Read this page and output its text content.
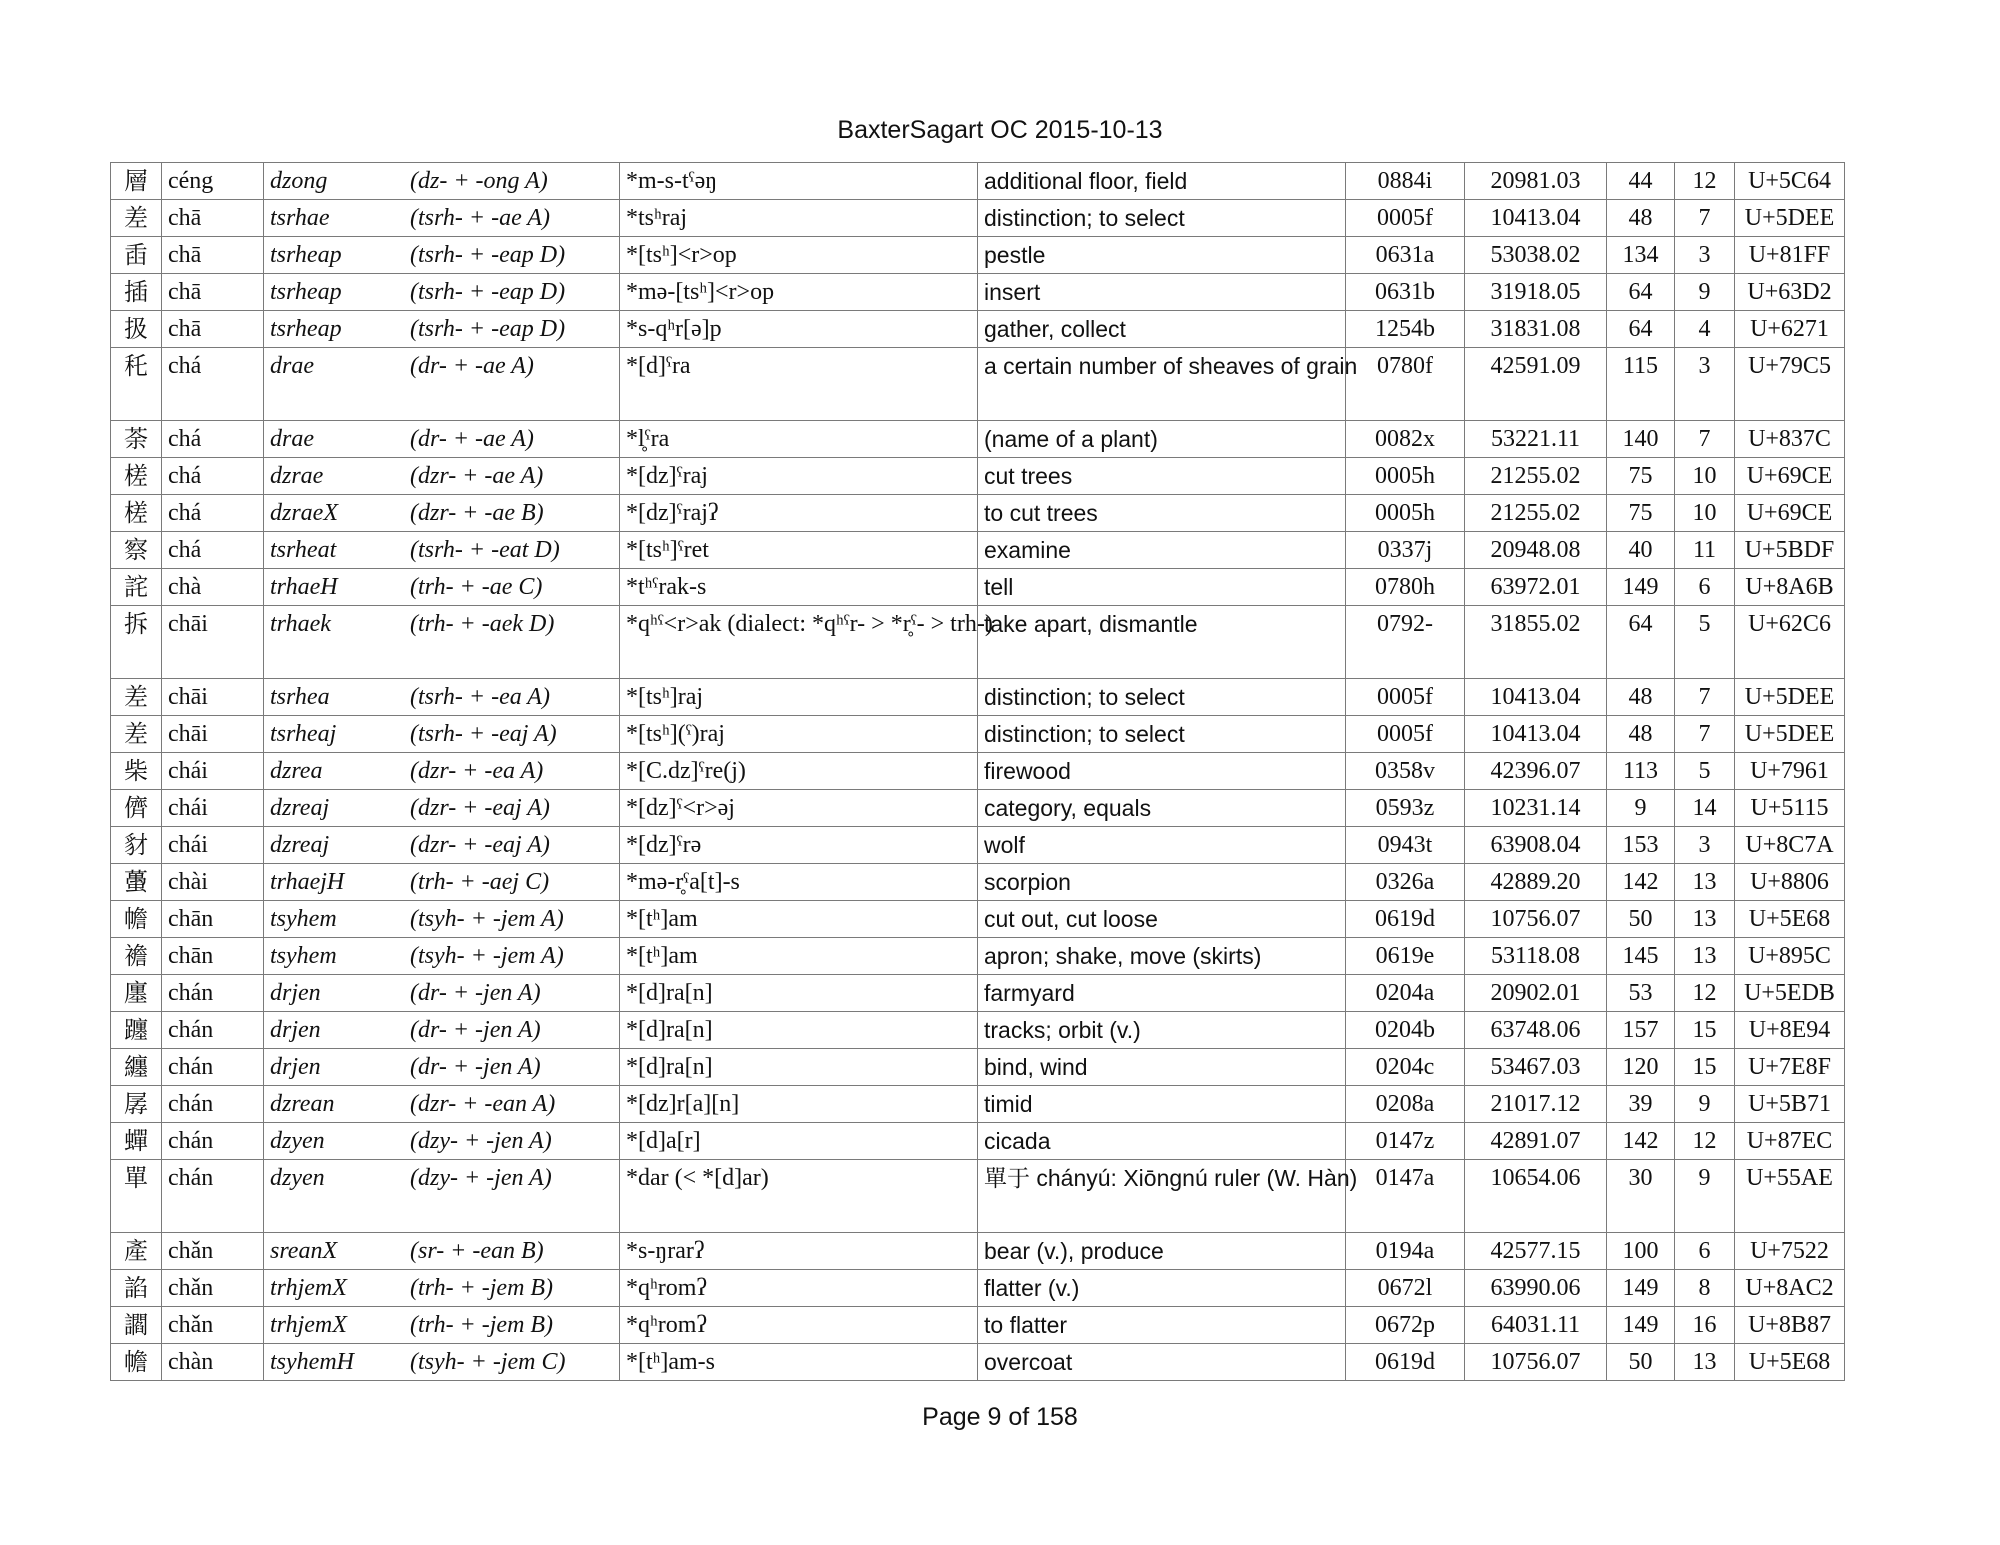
BaxterSagart OC 2015-10-13
層	céng	dzong (dz- + -ong A)	*m-s-tˤəŋ	additional floor, field	0884i	20981.03	44	12	U+5C64
差	chā	tsrhae (tsrh- + -ae A)	*tsʰraj	distinction; to select	0005f	10413.04	48	7	U+5DEE
臿	chā	tsrheap (tsrh- + -eap D)	*[tsʰ]<r>op	pestle	0631a	53038.02	134	3	U+81FF
插	chā	tsrheap (tsrh- + -eap D)	*mə-[tsʰ]<r>op	insert	0631b	31918.05	64	9	U+63D2
扱	chā	tsrheap (tsrh- + -eap D)	*s-qʰr[ə]p	gather, collect	1254b	31831.08	64	4	U+6271
秅	chá	drae (dr- + -ae A)	*[d]ˤra	a certain number of sheaves of grain	0780f	42591.09	115	3	U+79C5
荼	chá	drae (dr- + -ae A)	*l̥ˤra	(name of a plant)	0082x	53221.11	140	7	U+837C
槎	chá	dzrae (dzr- + -ae A)	*[dz]ˤraj	cut trees	0005h	21255.02	75	10	U+69CE
槎	chá	dzraeX (dzr- + -ae B)	*[dz]ˤrajʔ	to cut trees	0005h	21255.02	75	10	U+69CE
察	chá	tsrheat (tsrh- + -eat D)	*[tsʰ]ˤret	examine	0337j	20948.08	40	11	U+5BDF
詫	chà	trhaeH (trh- + -ae C)	*tʰˤrak-s	tell	0780h	63972.01	149	6	U+8A6B
拆	chāi	trhaek (trh- + -aek D)	*qʰˤ<r>ak (dialect: *qʰˤr- > *r̥ˤ- > trh-)	take apart, dismantle	0792-	31855.02	64	5	U+62C6
差	chāi	tsrhea (tsrh- + -ea A)	*[tsʰ]raj	distinction; to select	0005f	10413.04	48	7	U+5DEE
差	chāi	tsrheaj (tsrh- + -eaj A)	*[tsʰ](ˤ)raj	distinction; to select	0005f	10413.04	48	7	U+5DEE
柴	chái	dzrea (dzr- + -ea A)	*[C.dz]ˤre(j)	firewood	0358v	42396.07	113	5	U+7961
儕	chái	dzreaj (dzr- + -eaj A)	*[dz]ˤ<r>əj	category, equals	0593z	10231.14	9	14	U+5115
豺	chái	dzreaj (dzr- + -eaj A)	*[dz]ˤrə	wolf	0943t	63908.04	153	3	U+8C7A
蠆	chài	trhaejH (trh- + -aej C)	*mə-r̥ˤa[t]-s	scorpion	0326a	42889.20	142	13	U+8806
幨	chān	tsyhem (tsyh- + -jem A)	*[tʰ]am	cut out, cut loose	0619d	10756.07	50	13	U+5E68
襜	chān	tsyhem (tsyh- + -jem A)	*[tʰ]am	apron; shake, move (skirts)	0619e	53118.08	145	13	U+895C
廛	chán	drjen (dr- + -jen A)	*[d]ra[n]	farmyard	0204a	20902.01	53	12	U+5EDB
躔	chán	drjen (dr- + -jen A)	*[d]ra[n]	tracks; orbit (v.)	0204b	63748.06	157	15	U+8E94
纏	chán	drjen (dr- + -jen A)	*[d]ra[n]	bind, wind	0204c	53467.03	120	15	U+7E8F
孱	chán	dzrean (dzr- + -ean A)	*[dz]r[a][n]	timid	0208a	21017.12	39	9	U+5B71
蟬	chán	dzyen (dzy- + -jen A)	*[d]a[r]	cicada	0147z	42891.07	142	12	U+87EC
單	chán	dzyen (dzy- + -jen A)	*dar (< *[d]ar)	單于 chányú: Xiōngnú ruler (W. Hàn)	0147a	10654.06	30	9	U+55AE
產	chǎn	sreanX (sr- + -ean B)	*s-ŋrarʔ	bear (v.), produce	0194a	42577.15	100	6	U+7522
諂	chǎn	trhjemX (trh- + -jem B)	*qʰromʔ	flatter (v.)	0672l	63990.06	149	8	U+8AC2
讇	chǎn	trhjemX (trh- + -jem B)	*qʰromʔ	to flatter	0672p	64031.11	149	16	U+8B87
幨	chàn	tsyhemH (tsyh- + -jem C)	*[tʰ]am-s	overcoat	0619d	10756.07	50	13	U+5E68
Page 9 of 158
